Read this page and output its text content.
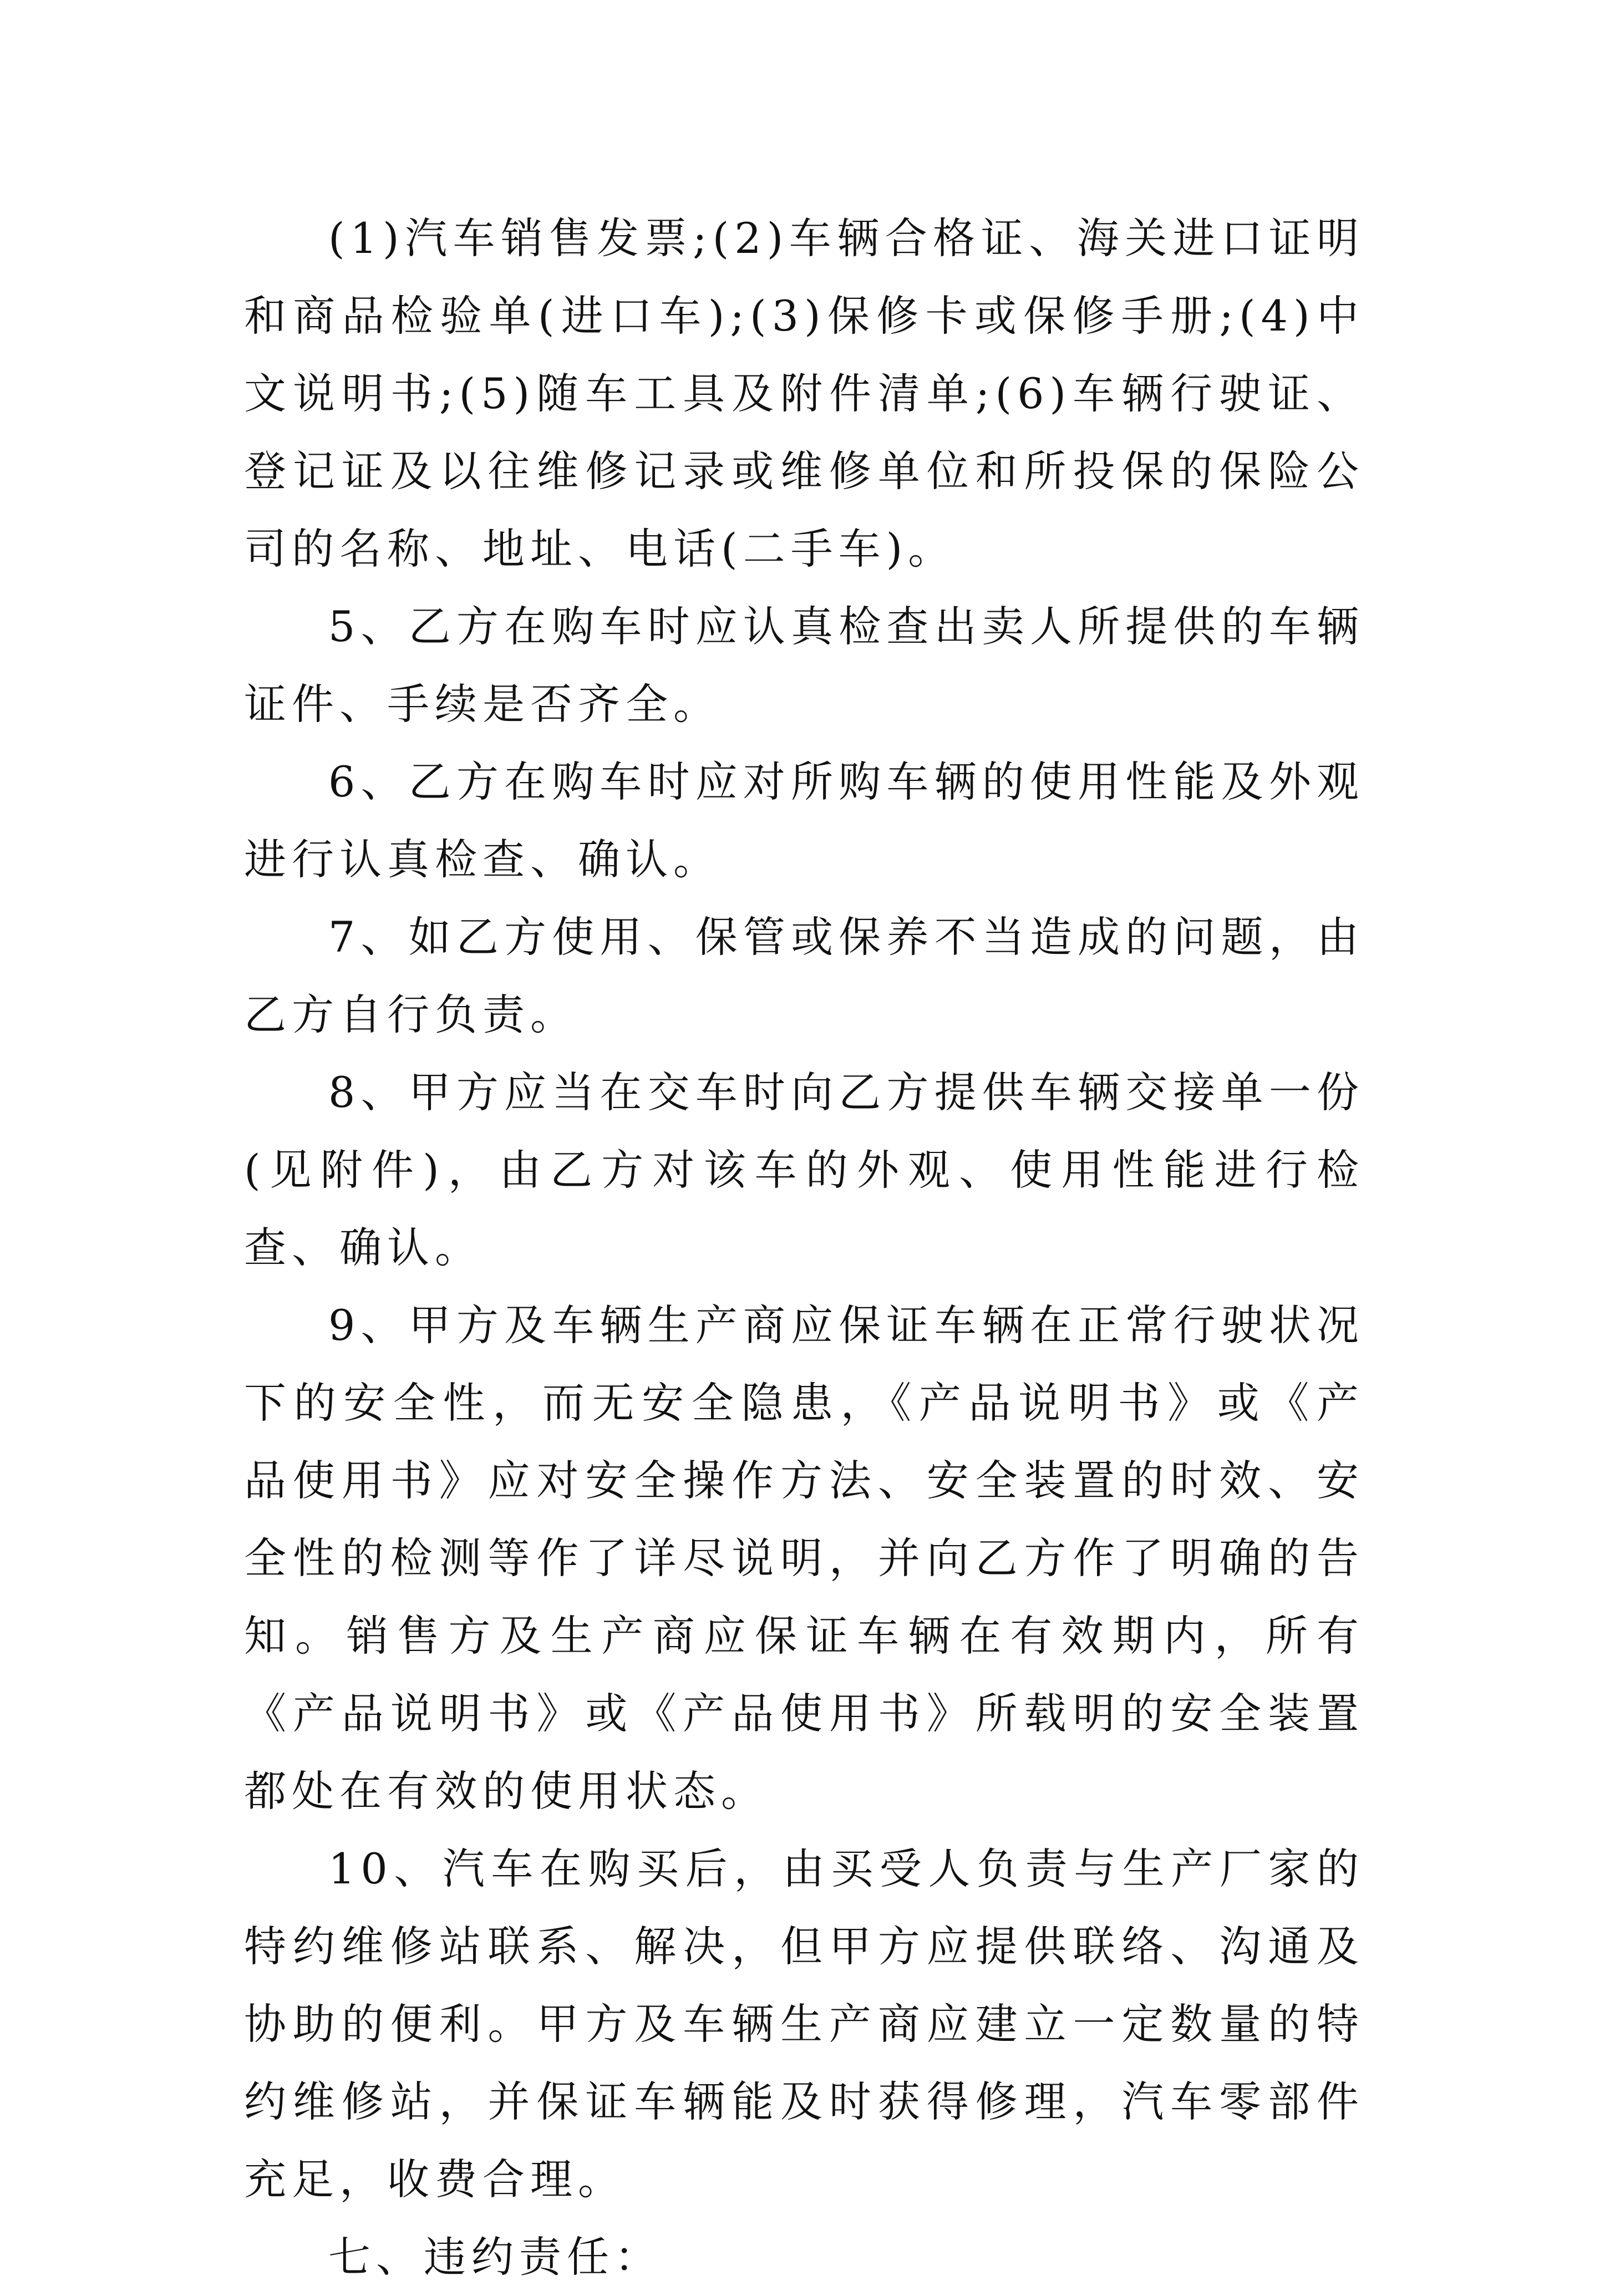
(1)汽车销售发票;(2)车辆合格证、海关进口证明和商品检验单(进口车);(3)保修卡或保修手册;(4)中文说明书;(5)随车工具及附件清单;(6)车辆行驶证、登记证及以往维修记录或维修单位和所投保的保险公司的名称、地址、电话(二手车)。

5、乙方在购车时应认真检查出卖人所提供的车辆证件、手续是否齐全。

6、乙方在购车时应对所购车辆的使用性能及外观进行认真检查、确认。

7、如乙方使用、保管或保养不当造成的问题，由乙方自行负责。

8、甲方应当在交车时向乙方提供车辆交接单一份(见附件)，由乙方对该车的外观、使用性能进行检查、确认。

9、甲方及车辆生产商应保证车辆在正常行驶状况下的安全性，而无安全隐患，《产品说明书》或《产品使用书》应对安全操作方法、安全装置的时效、安全性的检测等作了详尽说明，并向乙方作了明确的告知。销售方及生产商应保证车辆在有效期内，所有《产品说明书》或《产品使用书》所载明的安全装置都处在有效的使用状态。

10、汽车在购买后，由买受人负责与生产厂家的特约维修站联系、解决，但甲方应提供联络、沟通及协助的便利。甲方及车辆生产商应建立一定数量的特约维修站，并保证车辆能及时获得修理，汽车零部件充足，收费合理。

七、违约责任：
